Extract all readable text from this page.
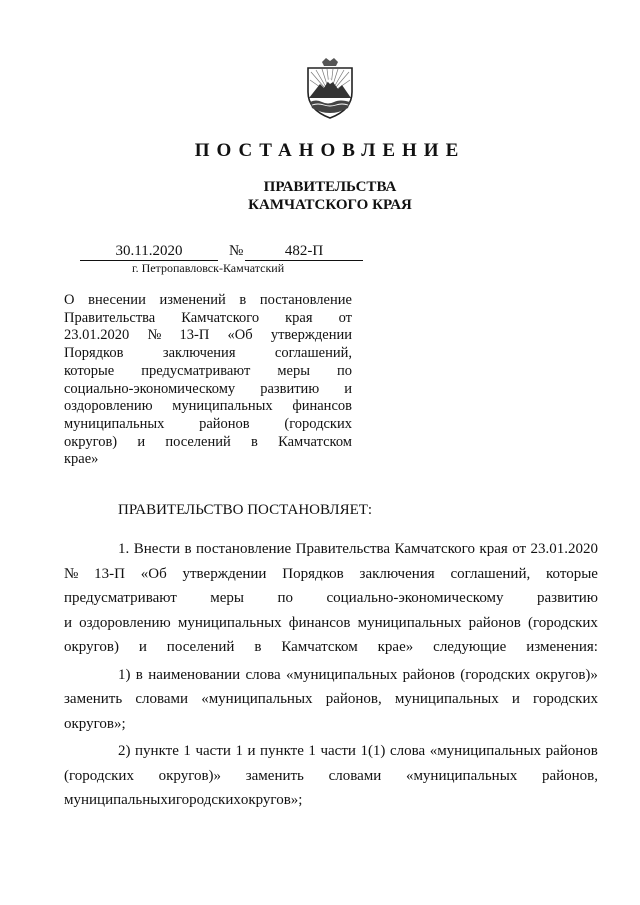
ПОСТАНОВЛЕНИЕ
ПРАВИТЕЛЬСТВА
КАМЧАТСКОГО КРАЯ
30.11.2020	№	482-П
г. Петропавловск-Камчатский
О внесении изменений в постановление
Правительства Камчатского края от
23.01.2020 № 13-П «Об утверждении
Порядков	заключения	соглашений,
которые предусматривают меры по
социально-экономическому развитию и
оздоровлению муниципальных финансов
муниципальных районов (городских
округов) и поселений в Камчатском
крае»
ПРАВИТЕЛЬСТВО ПОСТАНОВЛЯЕТ:
1. Внести в постановление Правительства Камчатского края от 23.01.2020
№ 13-П «Об утверждении Порядков заключения соглашений, которые
предусматривают меры по социально-экономическому развитию
и оздоровлению муниципальных финансов муниципальных районов (городских
округов) и поселений в Камчатском крае» следующие изменения:
1) в наименовании слова «муниципальных районов (городских округов)»
заменить словами «муниципальных районов, муниципальных и городских
округов»;
2) пункте 1 части 1 и пункте 1 части 1(1) слова «муниципальных районов
(городских округов)» заменить словами «муниципальных районов,
муниципальных и городских округов»;
